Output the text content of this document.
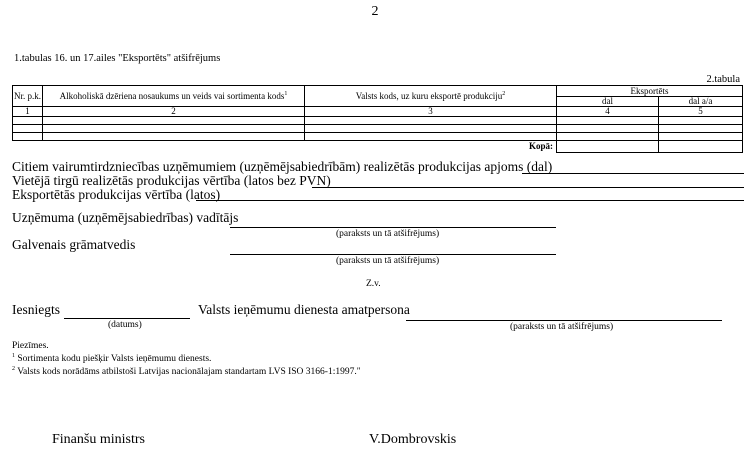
2
1.tabulas 16. un 17.ailes "Eksportēts" atšifrējums
2.tabula
Nr. p.k.	Alkoholiskā dzēriena nosaukums un veids vai sortimenta kods$^1$	Valsts kods, uz kuru eksportē produkciju$^2$	Eksportēts	
			dal	dal a/a
1	2	3	4	5

		Kopā:		
Citiem vairumtirdzniecības uzņēmumiem (uzņēmējsabiedrībām) realizētās produkcijas apjoms (dal)
Vietējā tirgū realizētās produkcijas vērtība (latos bez PVN)
Eksportētās produkcijas vērtība (latos)
Uzņēmuma (uzņēmējsabiedrības) vadītājs
(paraksts un tā atšifrējums)
Galvenais grāmatvedis
(paraksts un tā atšifrējums)
Z.v.
Iesniegts
(datums)
Valsts ieņēmumu dienesta amatpersona
(paraksts un tā atšifrējums)
Piezīmes.
$^1$ Sortimenta kodu piešķir Valsts ieņēmumu dienests.
$^2$ Valsts kods norādāms atbilstoši Latvijas nacionālajam standartam LVS ISO 3166-1:1997."
Finanšu ministrs	V.Dombrovskis
